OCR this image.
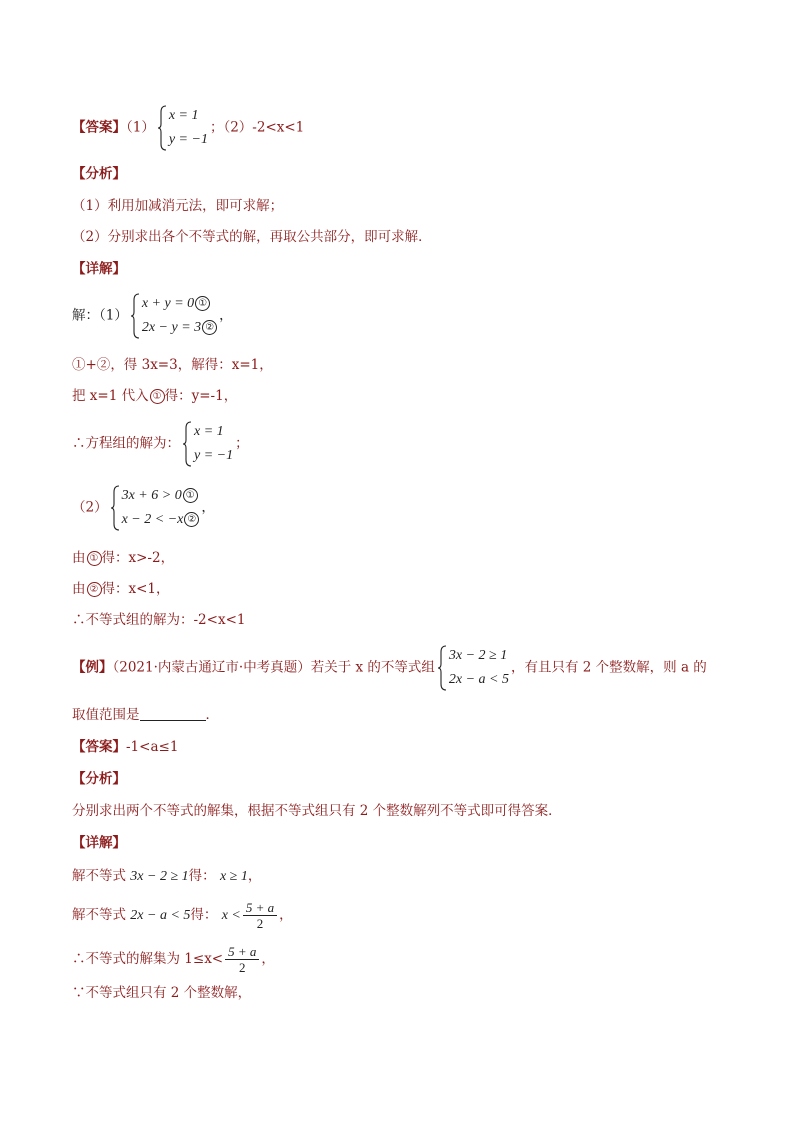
【答案】（1）
x = 1
y = −1
；（2）-2<x<1
【分析】
（1）利用加减消元法，即可求解；
（2）分别求出各个不等式的解，再取公共部分，即可求解．
【详解】
解：（1）
x + y = 0 ①
2x − y = 3 ②
，
①+②，得 3x=3，解得：x=1，
把 x=1 代入 ① 得：y=-1，
∴方程组的解为：
x = 1
y = −1
；
（2）
3x + 6 > 0 ①
x − 2 < −x ②
，
由 ① 得：x>-2，
由 ② 得：x<1，
∴不等式组的解为：-2<x<1
【例】（2021·内蒙古通辽市·中考真题）若关于 x 的不等式组
3x − 2 ≥ 1
2x − a < 5
，有且只有 2 个整数解，则 a 的
取值范围是	．
【答案】-1<a≤1
【分析】
分别求出两个不等式的解集，根据不等式组只有 2 个整数解列不等式即可得答案．
【详解】
解不等式 3x − 2 ≥ 1得： x ≥ 1，
解不等式 2x − a < 5得： $x < \frac{5 + a}{2}$ ，
∴不等式的解集为 $1\le x< \frac{5 + a}{2}$ ，
∵不等式组只有 2 个整数解，
